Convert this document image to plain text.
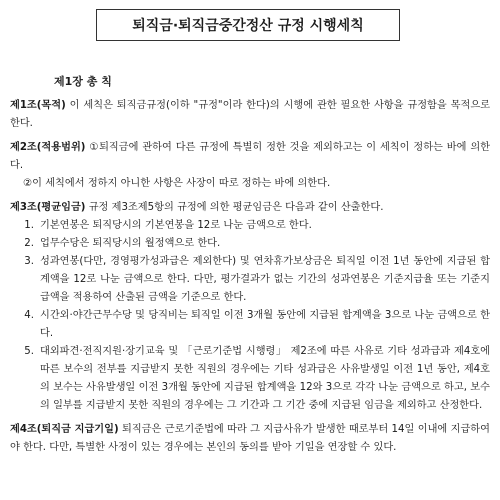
퇴직금·퇴직금중간정산 규정 시행세칙
제1장 총 칙
제1조(목적) 이 세칙은 퇴직금규정(이하 "규정"이라 한다)의 시행에 관한 필요한 사항을 규정함을 목적으로 한다.
제2조(적용범위) ①퇴직금에 관하여 다른 규정에 특별히 정한 것을 제외하고는 이 세칙이 정하는 바에 의한다.
②이 세칙에서 정하지 아니한 사항은 사장이 따로 정하는 바에 의한다.
제3조(평균임금) 규정 제3조제5항의 규정에 의한 평균임금은 다음과 같이 산출한다.
1. 기본연봉은 퇴직당시의 기본연봉을 12로 나눈 금액으로 한다.
2. 업무수당은 퇴직당시의 월정액으로 한다.
3. 성과연봉(다만, 경영평가성과급은 제외한다) 및 연차휴가보상금은 퇴직일 이전 1년 동안에 지급된 합계액을 12로 나눈 금액으로 한다. 다만, 평가결과가 없는 기간의 성과연봉은 기준지급율 또는 기준지급액을 적용하여 산출된 금액을 기준으로 한다.
4. 시간외·야간근무수당 및 당직비는 퇴직일 이전 3개월 동안에 지급된 합계액을 3으로 나눈 금액으로 한다.
5. 대외파견·전직지원·장기교육 및 「근로기준법 시행령」 제2조에 따른 사유로 기타 성과급과 제4호에 따른 보수의 전부를 지급받지 못한 직원의 경우에는 기타 성과급은 사유발생일 이전 1년 동안, 제4호의 보수는 사유발생일 이전 3개월 동안에 지급된 합계액을 12와 3으로 각각 나눈 금액으로 하고, 보수의 일부를 지급받지 못한 직원의 경우에는 그 기간과 그 기간 중에 지급된 임금을 제외하고 산정한다.
제4조(퇴직금 지급기일) 퇴직금은 근로기준법에 따라 그 지급사유가 발생한 때로부터 14일 이내에 지급하여야 한다. 다만, 특별한 사정이 있는 경우에는 본인의 동의를 받아 기일을 연장할 수 있다.
